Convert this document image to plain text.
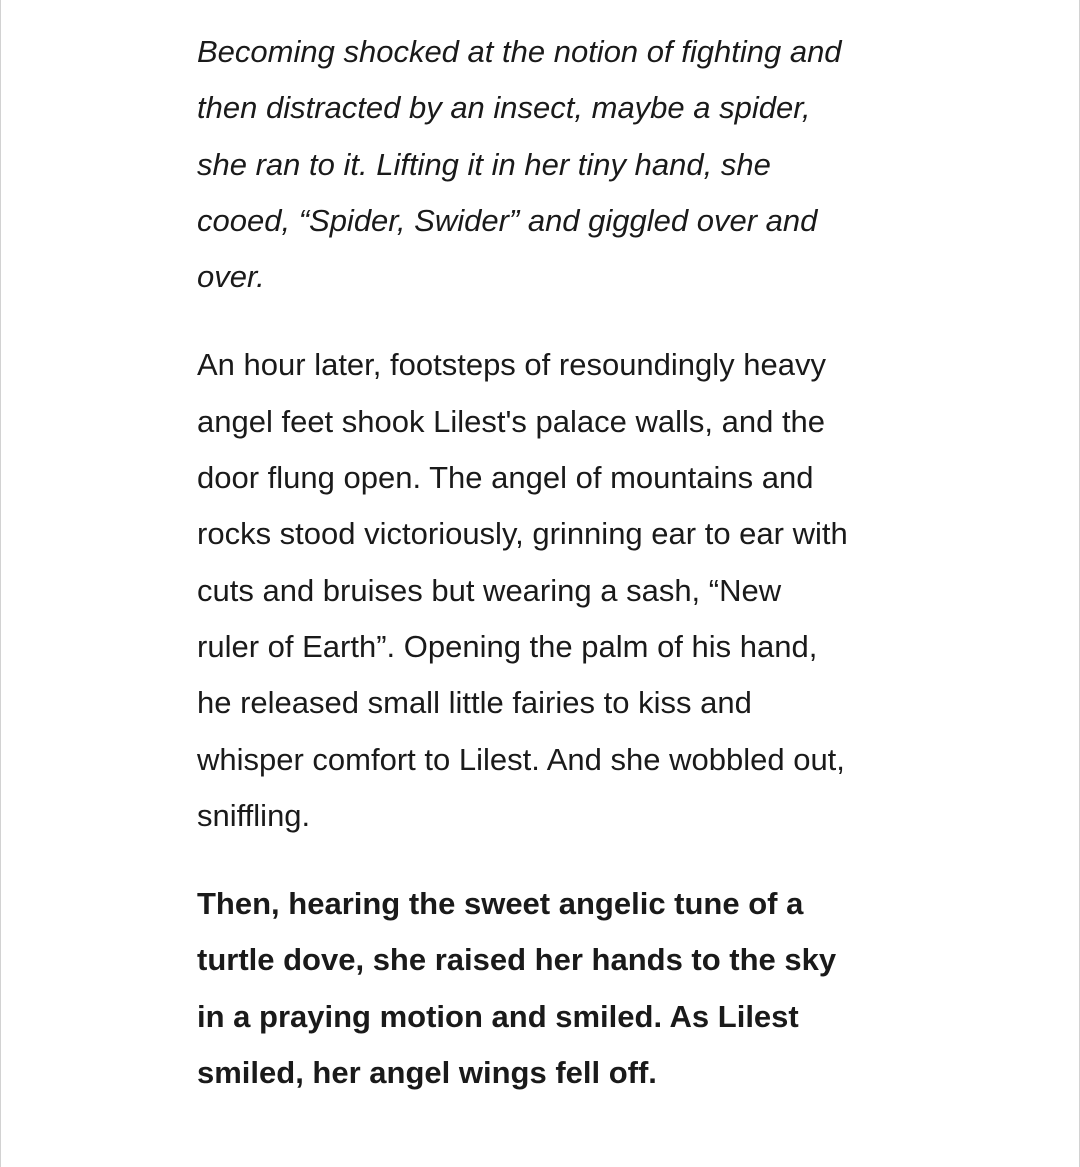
Becoming shocked at the notion of fighting and
then distracted by an insect, maybe a spider,
she ran to it. Lifting it in her tiny hand, she
cooed, “Spider, Swider” and giggled over and
over.

An hour later, footsteps of resoundingly heavy
angel feet shook Lilest's palace walls, and the
door flung open. The angel of mountains and
rocks stood victoriously, grinning ear to ear with
cuts and bruises but wearing a sash, “New
ruler of Earth”. Opening the palm of his hand,
he released small little fairies to kiss and
whisper comfort to Lilest. And she wobbled out,
sniffling.

Then, hearing the sweet angelic tune of a
turtle dove, she raised her hands to the sky
in a praying motion and smiled. As Lilest
smiled, her angel wings fell off.
